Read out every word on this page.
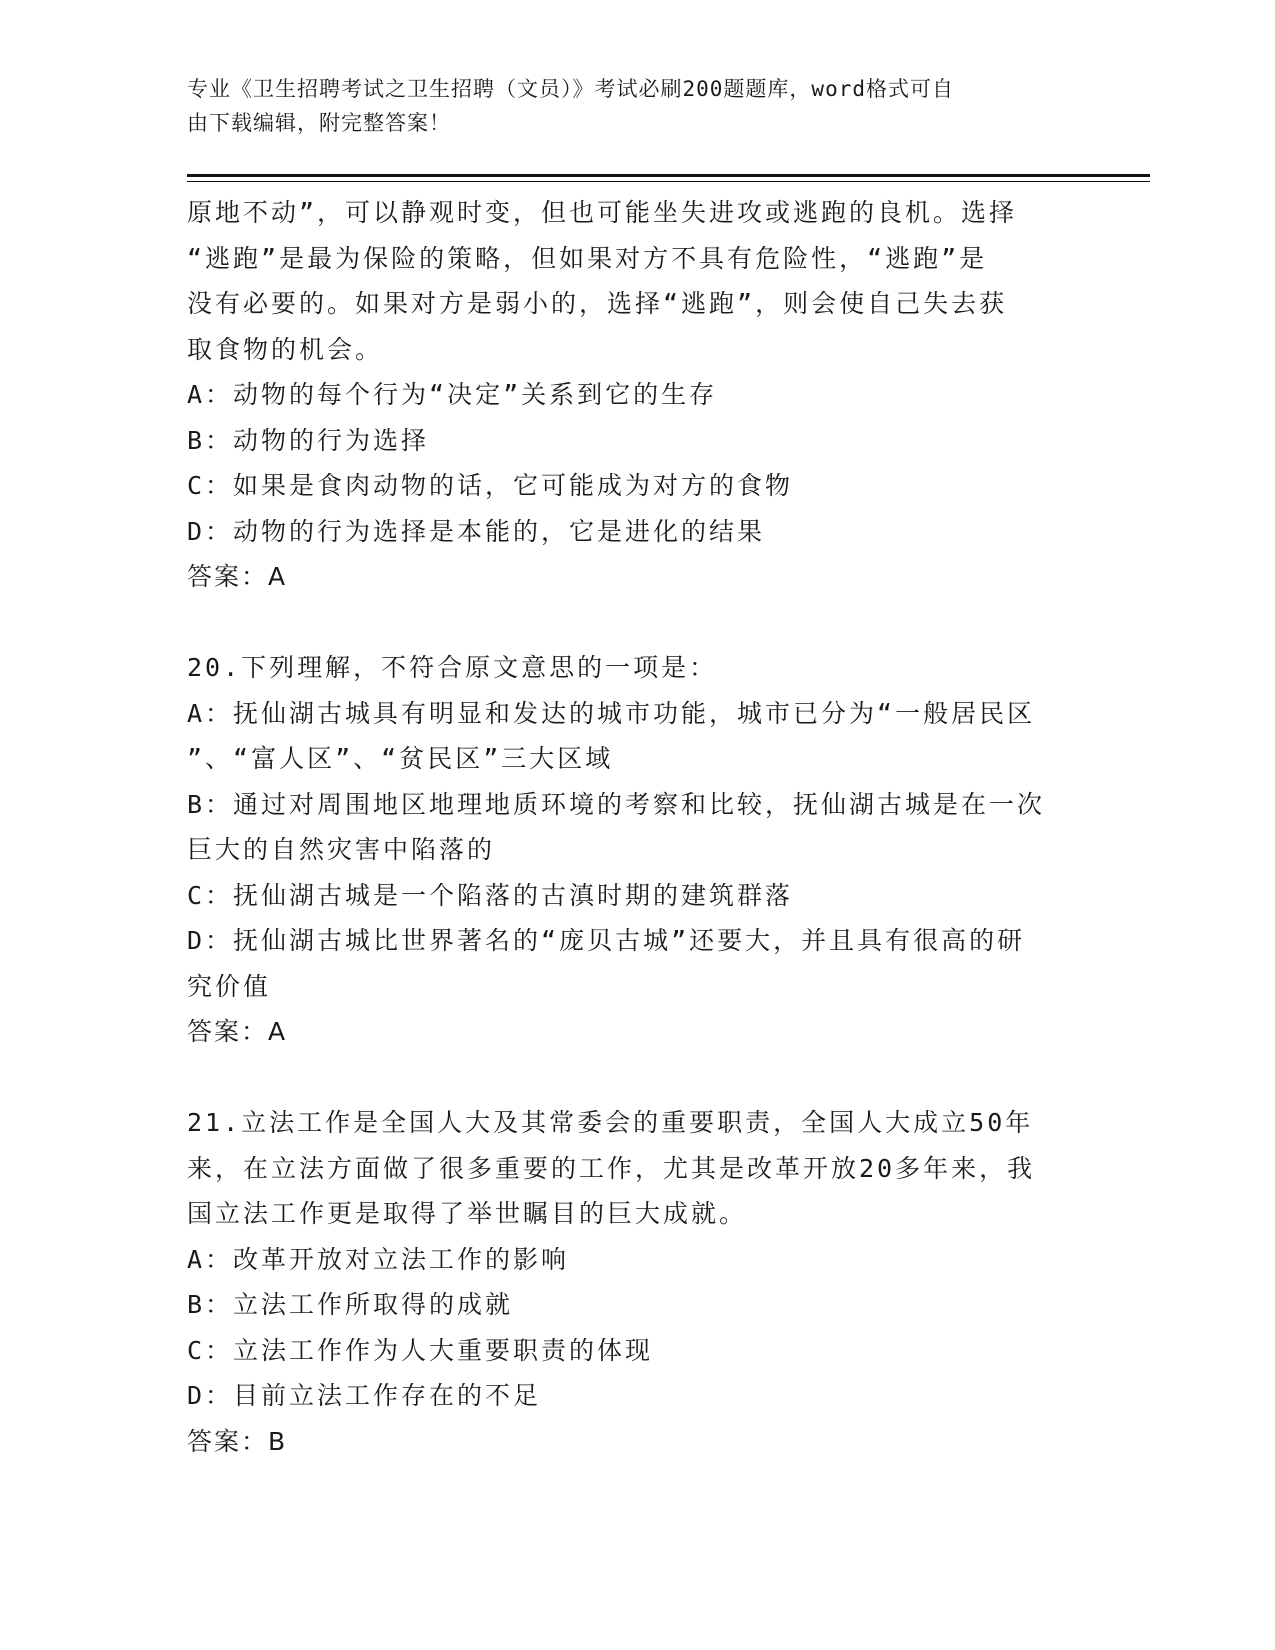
专业《卫生招聘考试之卫生招聘（文员）》考试必刷200题题库，word格式可自
由下载编辑，附完整答案！
原地不动”，可以静观时变，但也可能坐失进攻或逃跑的良机。选择
“逃跑”是最为保险的策略，但如果对方不具有危险性，“逃跑”是
没有必要的。如果对方是弱小的，选择“逃跑”，则会使自己失去获
取食物的机会。
A：动物的每个行为“决定”关系到它的生存
B：动物的行为选择
C：如果是食肉动物的话，它可能成为对方的食物
D：动物的行为选择是本能的，它是进化的结果
答案：A
20.下列理解，不符合原文意思的一项是：
A：抚仙湖古城具有明显和发达的城市功能，城市已分为“一般居民区
”、“富人区”、“贫民区”三大区域
B：通过对周围地区地理地质环境的考察和比较，抚仙湖古城是在一次
巨大的自然灾害中陷落的
C：抚仙湖古城是一个陷落的古滇时期的建筑群落
D：抚仙湖古城比世界著名的“庞贝古城”还要大，并且具有很高的研
究价值
答案：A
21.立法工作是全国人大及其常委会的重要职责，全国人大成立50年
来，在立法方面做了很多重要的工作，尤其是改革开放20多年来，我
国立法工作更是取得了举世瞩目的巨大成就。
A：改革开放对立法工作的影响
B：立法工作所取得的成就
C：立法工作作为人大重要职责的体现
D：目前立法工作存在的不足
答案：B
